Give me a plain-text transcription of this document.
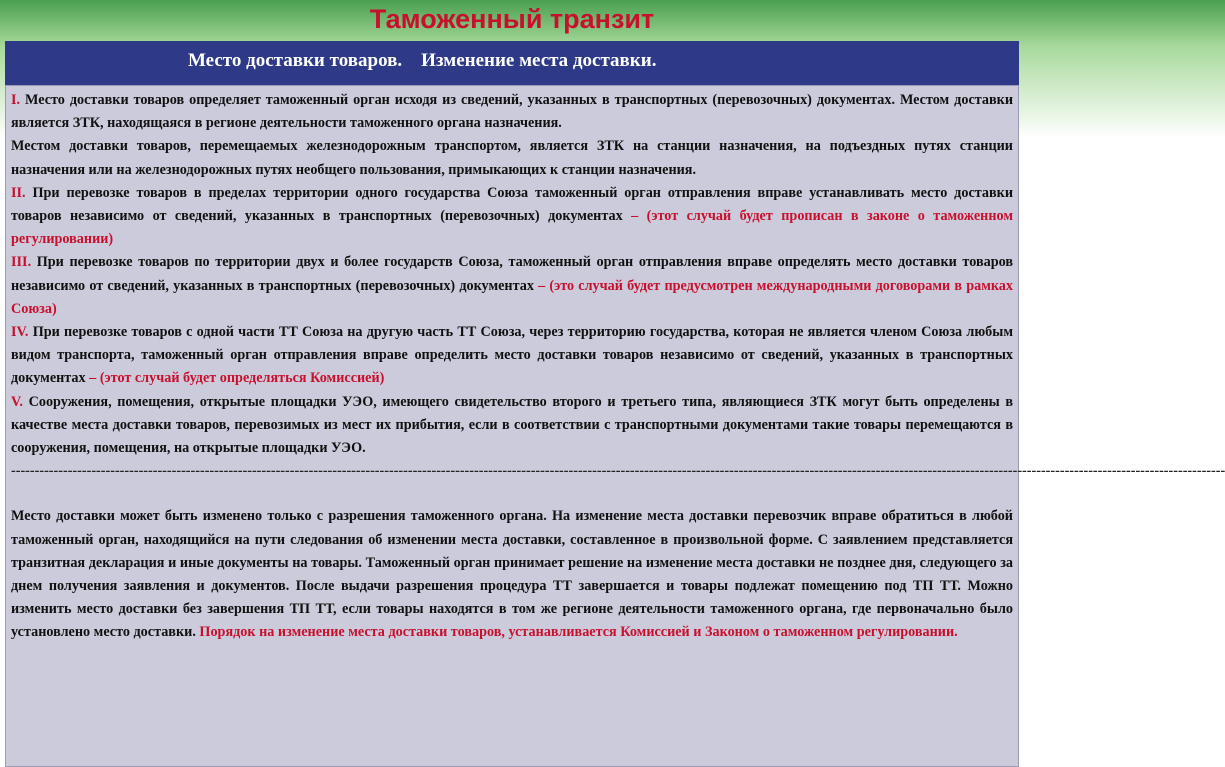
Таможенный транзит
Место доставки товаров.    Изменение места доставки.

I. Место доставки товаров определяет таможенный орган исходя из сведений, указанных в транспортных (перевозочных) документах. Местом доставки является ЗТК, находящаяся в регионе деятельности таможенного органа назначения.

Местом доставки товаров, перемещаемых железнодорожным транспортом, является ЗТК на станции назначения, на подъездных путях станции назначения или на железнодорожных путях необщего пользования, примыкающих к станции назначения.

II. При перевозке товаров в пределах территории одного государства Союза таможенный орган отправления вправе устанавливать место доставки товаров независимо от сведений, указанных в транспортных (перевозочных) документах – (этот случай будет прописан в законе о таможенном регулировании)

III. При перевозке товаров по территории двух и более государств Союза, таможенный орган отправления вправе определять место доставки товаров независимо от сведений, указанных в транспортных (перевозочных) документах – (это случай будет предусмотрен международными договорами в рамках Союза)

IV. При перевозке товаров с одной части ТТ Союза на другую часть ТТ Союза, через территорию государства, которая не является членом Союза любым видом транспорта, таможенный орган отправления вправе определить место доставки товаров независимо от сведений, указанных в транспортных документах – (этот случай будет определяться Комиссией)

V. Сооружения, помещения, открытые площадки УЭО, имеющего свидетельство второго и третьего типа, являющиеся ЗТК могут быть определены в качестве места доставки товаров, перевозимых из мест их прибытия, если в соответствии с транспортными документами такие товары перемещаются в сооружения, помещения, на открытые площадки УЭО.

-----------------------------------------------------------------------------------------------------------------------------------------------------------------------------------------------------------------------------------------------------------------

Место доставки может быть изменено только с разрешения таможенного органа. На изменение места доставки перевозчик вправе обратиться в любой таможенный орган, находящийся на пути следования об изменении места доставки, составленное в произвольной форме. С заявлением представляется транзитная декларация и иные документы на товары. Таможенный орган принимает решение на изменение места доставки не позднее дня, следующего за днем получения заявления и документов. После выдачи разрешения процедура ТТ завершается и товары подлежат помещению под ТП ТТ. Можно изменить место доставки без завершения ТП ТТ, если товары находятся в том же регионе деятельности таможенного органа, где первоначально было установлено место доставки. Порядок на изменение места доставки товаров, устанавливается Комиссией и Законом о таможенном регулировании.
